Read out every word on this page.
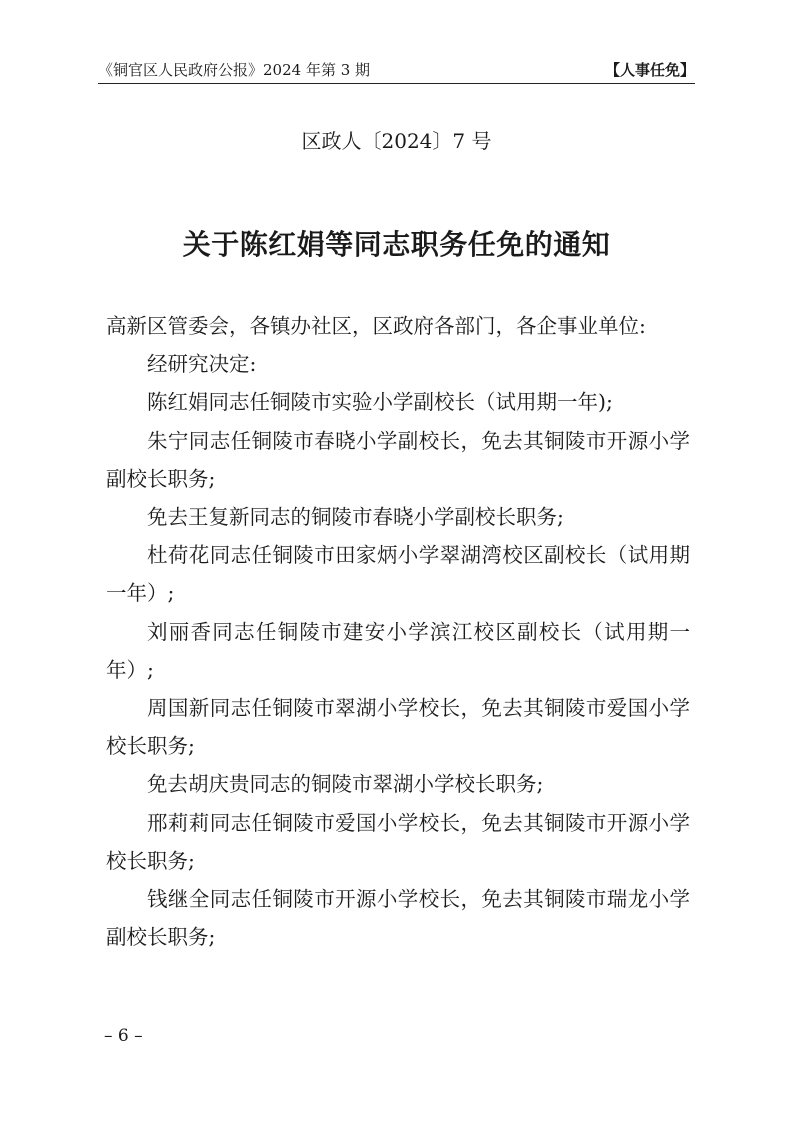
《铜官区人民政府公报》2024 年第 3 期	【人事任免】
区政人〔2024〕7 号
关于陈红娟等同志职务任免的通知

高新区管委会，各镇办社区，区政府各部门，各企事业单位:

经研究决定:

陈红娟同志任铜陵市实验小学副校长（试用期一年);

朱宁同志任铜陵市春晓小学副校长，免去其铜陵市开源小学副校长职务;

免去王复新同志的铜陵市春晓小学副校长职务;

杜荷花同志任铜陵市田家炳小学翠湖湾校区副校长（试用期一年）;

刘丽香同志任铜陵市建安小学滨江校区副校长（试用期一年）;

周国新同志任铜陵市翠湖小学校长，免去其铜陵市爱国小学校长职务;

免去胡庆贵同志的铜陵市翠湖小学校长职务;

邢莉莉同志任铜陵市爱国小学校长，免去其铜陵市开源小学校长职务;

钱继全同志任铜陵市开源小学校长，免去其铜陵市瑞龙小学副校长职务;

– 6 –
